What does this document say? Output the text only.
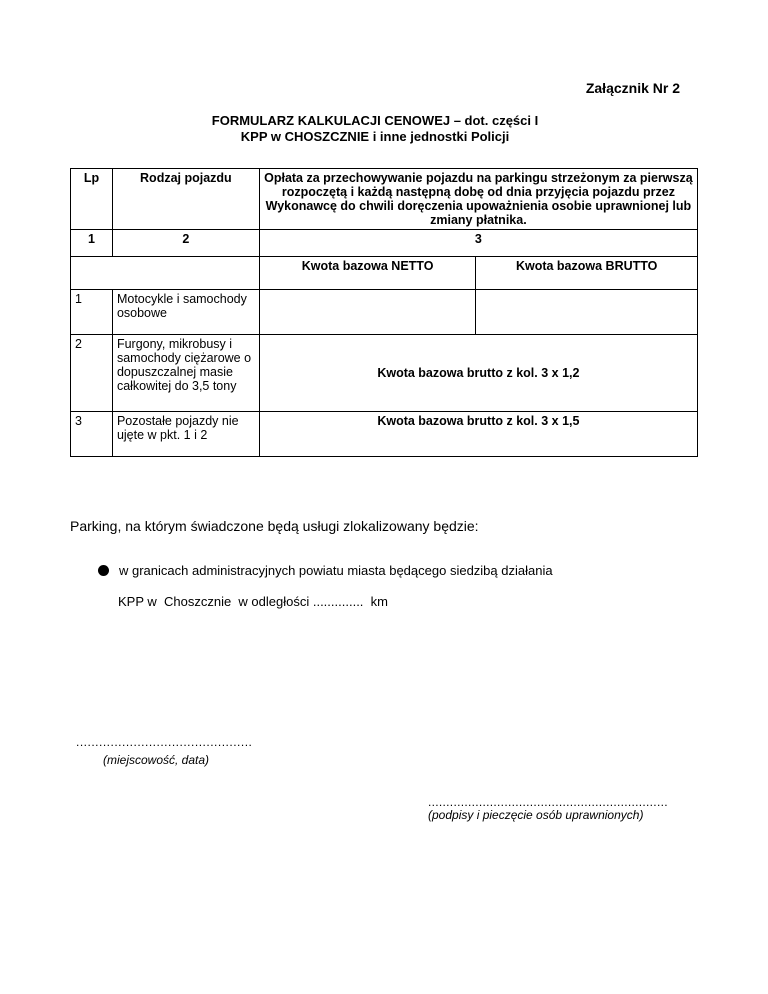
Załącznik Nr 2
FORMULARZ KALKULACJI CENOWEJ – dot. części I
KPP w CHOSZCZNIE i inne jednostki Policji
Lp	Rodzaj pojazdu	Opłata za przechowywanie pojazdu na parkingu strzeżonym za pierwszą rozpoczętą i każdą następną dobę od dnia przyjęcia pojazdu przez Wykonawcę do chwili doręczenia upoważnienia osobie uprawnionej lub zmiany płatnika.	
1	2	3	
		Kwota bazowa NETTO	Kwota bazowa BRUTTO
1	Motocykle i samochody osobowe		
2	Furgony, mikrobusy i samochody ciężarowe o dopuszczalnej masie całkowitej do 3,5 tony	Kwota bazowa brutto z kol. 3 x 1,2	
3	Pozostałe pojazdy nie ujęte w pkt. 1 i 2	Kwota bazowa brutto z kol. 3 x 1,5	
Parking, na którym świadczone będą usługi zlokalizowany będzie:
w granicach administracyjnych powiatu miasta będącego siedzibą działania
KPP w  Choszcznie  w odległości ..............  km
..............................................
(miejscowość, data)
..................................................................
(podpisy i pieczęcie osób uprawnionych)
